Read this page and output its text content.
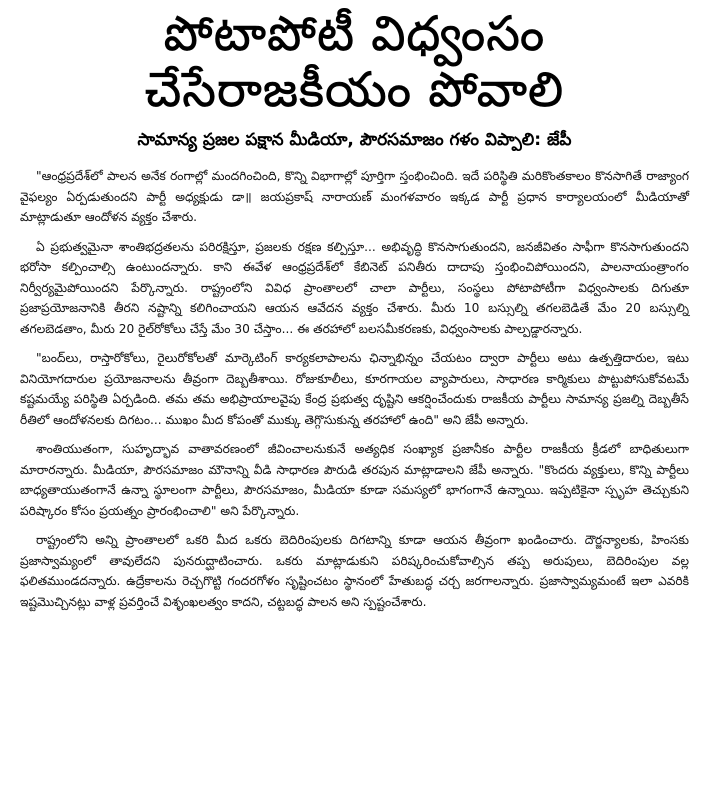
పోటాపోటీ విధ్వంసం
చేసేరాజకీయం పోవాలి
సామాన్య ప్రజల పక్షాన మీడియా, పౌరసమాజం గళం విప్పాలి: జేపీ

"ఆంధ్రప్రదేశ్‌లో పాలన అనేక రంగాల్లో మందగించింది, కొన్ని విభాగాల్లో పూర్తిగా స్తంభించింది. ఇదే పరిస్థితి మరికొంతకాలం కొనసాగితే రాజ్యాంగ వైఫల్యం ఏర్పడుతుందని పార్టీ అధ్యక్షుడు డా॥ జయప్రకాష్ నారాయణ్ మంగళవారం ఇక్కడ పార్టీ ప్రధాన కార్యాలయంలో మీడియాతో మాట్లాడుతూ ఆందోళన వ్యక్తం చేశారు.

ఏ ప్రభుత్వమైనా శాంతిభద్రతలను పరిరక్షిస్తూ, ప్రజలకు రక్షణ కల్పిస్తూ... అభివృద్ధి కొనసాగుతుందని, జనజీవితం సాఫీగా కొనసాగుతుందని భరోసా కల్పించాల్సి ఉంటుందన్నారు. కాని ఈవేళ ఆంధ్రప్రదేశ్‌లో కేబినెట్ పనితీరు దాదాపు స్తంభించిపోయిందని, పాలనాయంత్రాంగం నిర్వీర్యమైపోయిందని పేర్కొన్నారు. రాష్ట్రంలోని వివిధ ప్రాంతాలలో చాలా పార్టీలు, సంస్థలు పోటాపోటీగా విధ్వంసాలకు దిగుతూ ప్రజాప్రయోజనానికి తీరని నష్టాన్ని కలిగించాయని ఆయన ఆవేదన వ్యక్తం చేశారు. మీరు 10 బస్సుల్ని తగలబెడితే మేం 20 బస్సుల్ని తగలబెడతాం, మీరు 20 రైల్‌రోకోలు చేస్తే మేం 30 చేస్తాం... ఈ తరహాలో బలసమీకరణకు, విధ్వంసాలకు పాల్పడ్డారన్నారు.

"బంద్‌లు, రాస్తారోకోలు, రైలురోకోలతో మార్కెటింగ్ కార్యకలాపాలను ఛిన్నాభిన్నం చేయటం ద్వారా పార్టీలు అటు ఉత్పత్తిదారుల, ఇటు వినియోగదారుల ప్రయోజనాలను తీవ్రంగా దెబ్బతీశాయి. రోజుకూలీలు, కూరగాయల వ్యాపారులు, సాధారణ కార్మికులు పొట్టుపోసుకోవటమే కష్టమయ్యే పరిస్థితి ఏర్పడింది. తమ తమ అభిప్రాయాలవైపు కేంద్ర ప్రభుత్వ దృష్టిని ఆకర్షించేందుకు రాజకీయ పార్టీలు సామాన్య ప్రజల్ని దెబ్బతీసే రీతిలో ఆందోళనలకు దిగటం... ముఖం మీద కోపంతో ముక్కు తెగ్గొసుకున్న తరహాలో ఉంది" అని జేపీ అన్నారు.

శాంతియుతంగా, సుహృద్భావ వాతావరణంలో జీవించాలనుకునే అత్యధిక సంఖ్యాక ప్రజానీకం పార్టీల రాజకీయ క్రీడలో బాధితులుగా మారారన్నారు. మీడియా, పౌరసమాజం మౌనాన్ని వీడి సాధారణ పౌరుడి తరపున మాట్లాడాలని జేపీ అన్నారు. "కొందరు వ్యక్తులు, కొన్ని పార్టీలు బాధ్యతాయుతంగానే ఉన్నా స్థూలంగా పార్టీలు, పౌరసమాజం, మీడియా కూడా సమస్యలో భాగంగానే ఉన్నాయి. ఇప్పటికైనా స్పృహ తెచ్చుకుని పరిష్కారం కోసం ప్రయత్నం ప్రారంభించాలి" అని పేర్కొన్నారు.

రాష్ట్రంలోని అన్ని ప్రాంతాలలో ఒకరి మీద ఒకరు బెదిరింపులకు దిగటాన్ని కూడా ఆయన తీవ్రంగా ఖండించారు. దౌర్జన్యాలకు, హింసకు ప్రజాస్వామ్యంలో తావులేదని పునరుద్ఘాటించారు. ఒకరు మాట్లాడుకుని పరిష్కరించుకోవాల్సిన తప్ప అరుపులు, బెదిరింపుల వల్ల ఫలితముండదన్నారు. ఉద్రేకాలను రెచ్చగొట్టి గందరగోళం సృష్టించటం స్థానంలో హేతుబద్ధ చర్చ జరగాలన్నారు. ప్రజాస్వామ్యమంటే ఇలా ఎవరికి ఇష్టమొచ్చినట్లు వాళ్ల ప్రవర్తించే విశృంఖలత్వం కాదని, చట్టబద్ధ పాలన అని స్పష్టంచేశారు.
